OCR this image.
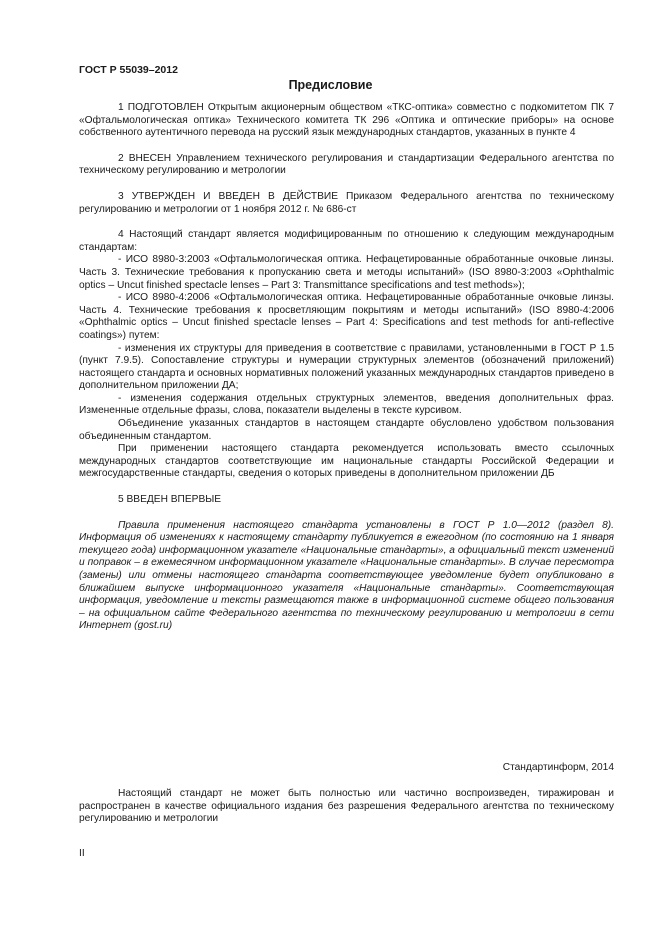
ГОСТ Р 55039–2012
Предисловие

1 ПОДГОТОВЛЕН Открытым акционерным обществом «ТКС-оптика» совместно с подкомитетом ПК 7 «Офтальмологическая оптика» Технического комитета ТК 296 «Оптика и оптические приборы» на основе собственного аутентичного перевода на русский язык международных стандартов, указанных в пункте 4

2 ВНЕСЕН Управлением технического регулирования и стандартизации Федерального агентства по техническому регулированию и метрологии

3 УТВЕРЖДЕН И ВВЕДЕН В ДЕЙСТВИЕ Приказом Федерального агентства по техническому регулированию и метрологии от 1 ноября 2012 г. № 686-ст

4 Настоящий стандарт является модифицированным по отношению к следующим международным стандартам:

- ИСО 8980-3:2003 «Офтальмологическая оптика. Нефацетированные обработанные очковые линзы. Часть 3. Технические требования к пропусканию света и методы испытаний» (ISO 8980-3:2003 «Ophthalmic optics – Uncut finished spectacle lenses – Part 3: Transmittance specifications and test methods»);

- ИСО 8980-4:2006 «Офтальмологическая оптика. Нефацетированные обработанные очковые линзы. Часть 4. Технические требования к просветляющим покрытиям и методы испытаний» (ISO 8980-4:2006 «Ophthalmic optics – Uncut finished spectacle lenses – Part 4: Specifications and test methods for anti-reflective coatings») путем:

- изменения их структуры для приведения в соответствие с правилами, установленными в ГОСТ Р 1.5 (пункт 7.9.5). Сопоставление структуры и нумерации структурных элементов (обозначений приложений) настоящего стандарта и основных нормативных положений указанных международных стандартов приведено в дополнительном приложении ДА;

- изменения содержания отдельных структурных элементов, введения дополнительных фраз. Измененные отдельные фразы, слова, показатели выделены в тексте курсивом.

Объединение указанных стандартов в настоящем стандарте обусловлено удобством пользования объединенным стандартом.

При применении настоящего стандарта рекомендуется использовать вместо ссылочных международных стандартов соответствующие им национальные стандарты Российской Федерации и межгосударственные стандарты, сведения о которых приведены в дополнительном приложении ДБ

5 ВВЕДЕН ВПЕРВЫЕ

Правила применения настоящего стандарта установлены в ГОСТ Р 1.0—2012 (раздел 8). Информация об изменениях к настоящему стандарту публикуется в ежегодном (по состоянию на 1 января текущего года) информационном указателе «Национальные стандарты», а официальный текст изменений и поправок – в ежемесячном информационном указателе «Национальные стандарты». В случае пересмотра (замены) или отмены настоящего стандарта соответствующее уведомление будет опубликовано в ближайшем выпуске информационного указателя «Национальные стандарты». Соответствующая информация, уведомление и тексты размещаются также в информационной системе общего пользования – на официальном сайте Федерального агентства по техническому регулированию и метрологии в сети Интернет (gost.ru)

Стандартинформ, 2014
Настоящий стандарт не может быть полностью или частично воспроизведен, тиражирован и распространен в качестве официального издания без разрешения Федерального агентства по техническому регулированию и метрологии
II
